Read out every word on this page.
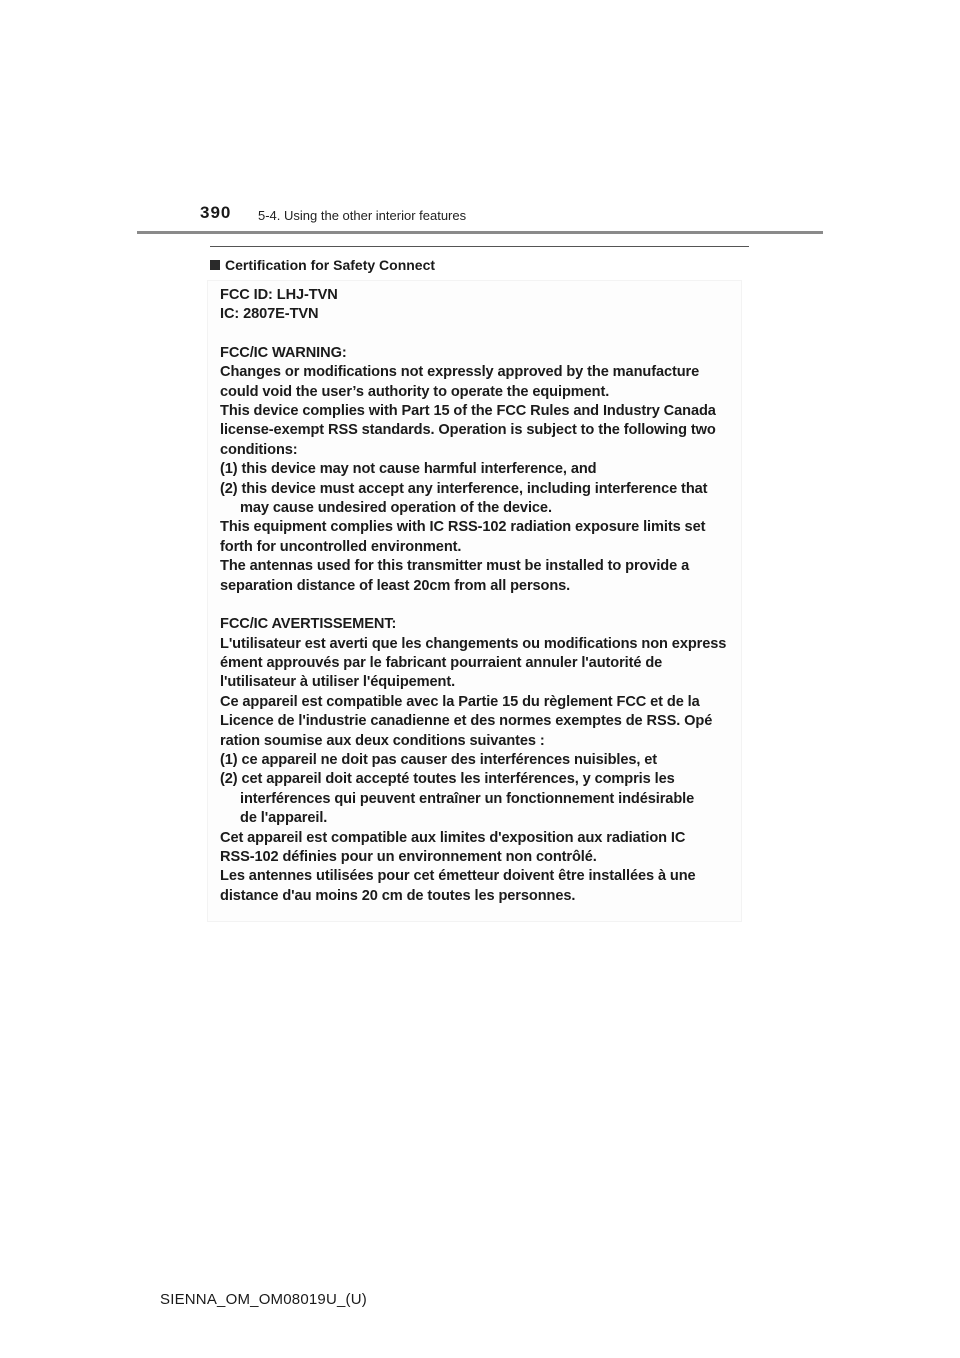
390 5-4. Using the other interior features
Certification for Safety Connect
FCC ID: LHJ-TVN
IC: 2807E-TVN
FCC/IC WARNING:
Changes or modifications not expressly approved by the manufacture
could void the user’s authority to operate the equipment.
This device complies with Part 15 of the FCC Rules and Industry Canada
license-exempt RSS standards. Operation is subject to the following two
conditions:
(1) this device may not cause harmful interference, and
(2) this device must accept any interference, including interference that
may cause undesired operation of the device.
This equipment complies with IC RSS-102 radiation exposure limits set
forth for uncontrolled environment.
The antennas used for this transmitter must be installed to provide a
separation distance of least 20cm from all persons.
FCC/IC AVERTISSEMENT:
L'utilisateur est averti que les changements ou modifications non express
ément approuvés par le fabricant pourraient annuler l'autorité de
l'utilisateur à utiliser l'équipement.
Ce appareil est compatible avec la Partie 15 du règlement FCC et de la
Licence de l'industrie canadienne et des normes exemptes de RSS. Opé
ration soumise aux deux conditions suivantes :
(1) ce appareil ne doit pas causer des interférences nuisibles, et
(2) cet appareil doit accepté toutes les interférences, y compris les
interférences qui peuvent entraîner un fonctionnement indésirable
de l'appareil.
Cet appareil est compatible aux limites d'exposition aux radiation IC
RSS-102 définies pour un environnement non contrôlé.
Les antennes utilisées pour cet émetteur doivent être installées à une
distance d'au moins 20 cm de toutes les personnes.
SIENNA_OM_OM08019U_(U)
